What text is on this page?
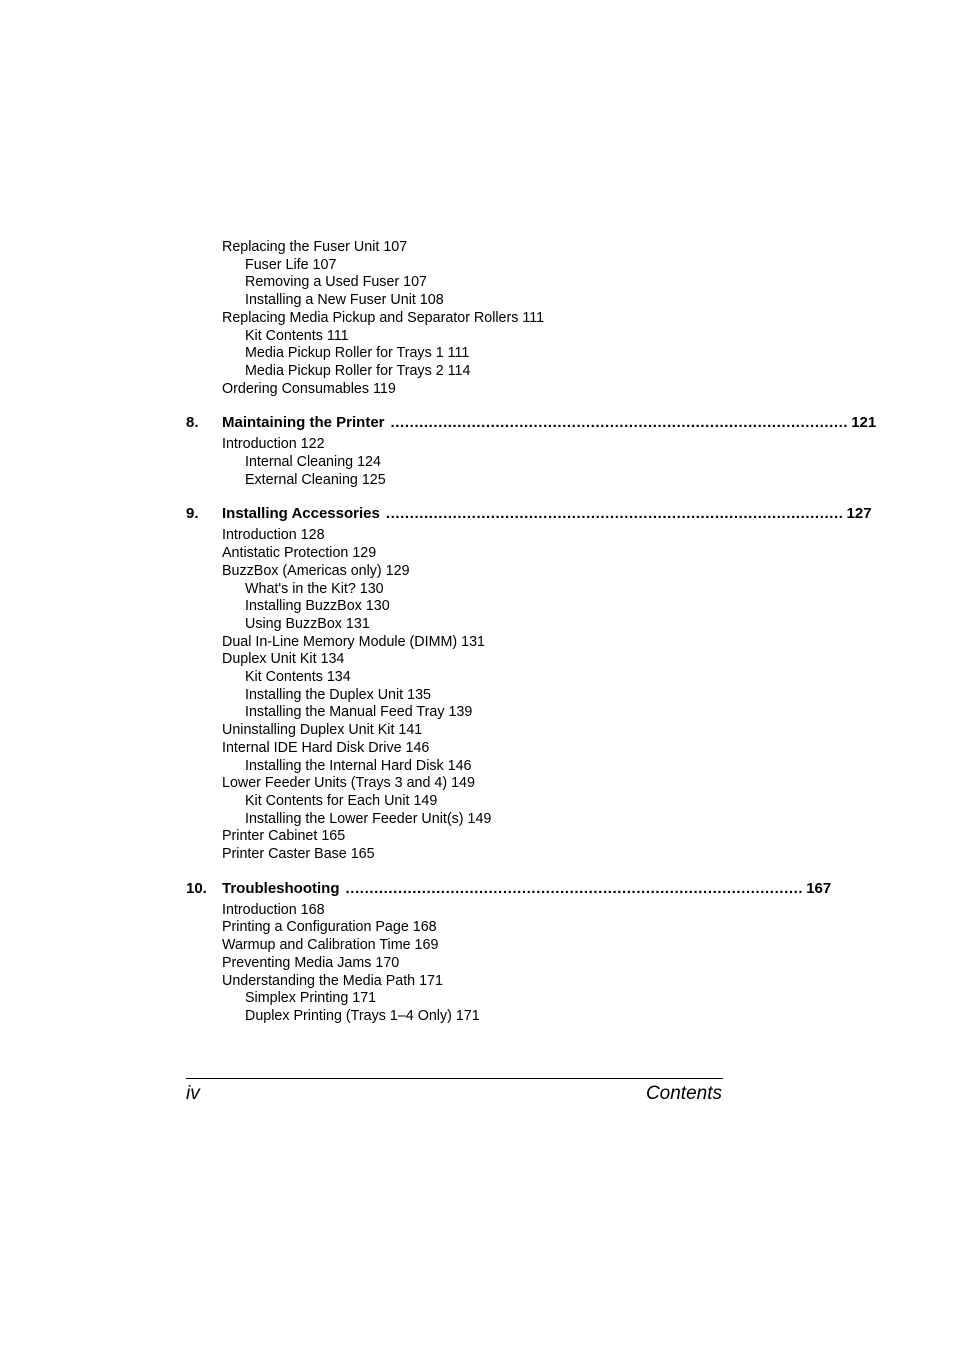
Replacing the Fuser Unit 107
Fuser Life 107
Removing a Used Fuser 107
Installing a New Fuser Unit 108
Replacing Media Pickup and Separator Rollers 111
Kit Contents 111
Media Pickup Roller for Trays 1 111
Media Pickup Roller for Trays 2 114
Ordering Consumables 119
8. Maintaining the Printer ................................................................................................ 121
Introduction 122
Internal Cleaning 124
External Cleaning 125
9. Installing Accessories ................................................................................................ 127
Introduction 128
Antistatic Protection 129
BuzzBox (Americas only) 129
What's in the Kit? 130
Installing BuzzBox 130
Using BuzzBox 131
Dual In-Line Memory Module (DIMM) 131
Duplex Unit Kit 134
Kit Contents 134
Installing the Duplex Unit 135
Installing the Manual Feed Tray 139
Uninstalling Duplex Unit Kit 141
Internal IDE Hard Disk Drive 146
Installing the Internal Hard Disk 146
Lower Feeder Units (Trays 3 and 4) 149
Kit Contents for Each Unit 149
Installing the Lower Feeder Unit(s) 149
Printer Cabinet 165
Printer Caster Base 165
10. Troubleshooting ................................................................................................ 167
Introduction 168
Printing a Configuration Page 168
Warmup and Calibration Time 169
Preventing Media Jams 170
Understanding the Media Path 171
Simplex Printing 171
Duplex Printing (Trays 1–4 Only) 171
iv	Contents
